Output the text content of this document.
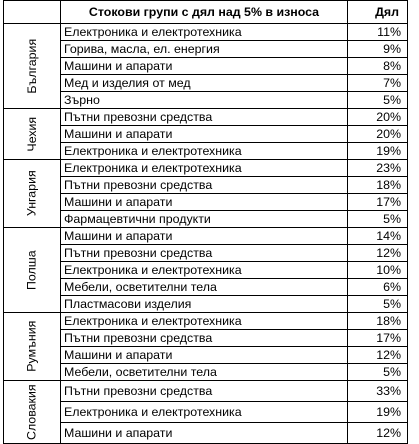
	Стокови групи с дял над 5% в износа	Дял
България	Електроника и електротехника	11%
	Горива, масла, ел. енергия	9%
	Машини и апарати	8%
	Мед и изделия от мед	7%
	Зърно	5%
Чехия	Пътни превозни средства	20%
	Машини и апарати	20%
	Електроника и електротехника	19%
Унгария	Електроника и електротехника	23%
	Пътни превозни средства	18%
	Машини и апарати	17%
	Фармацевтични продукти	5%
Полша	Машини и апарати	14%
	Пътни превозни средства	12%
	Електроника и електротехника	10%
	Мебели, осветителни тела	6%
	Пластмасови изделия	5%
Румъния	Електроника и електротехника	18%
	Пътни превозни средства	17%
	Машини и апарати	12%
	Мебели, осветителни тела	5%
Словакия	Пътни превозни средства	33%
	Електроника и електротехника	19%
	Машини и апарати	12%
